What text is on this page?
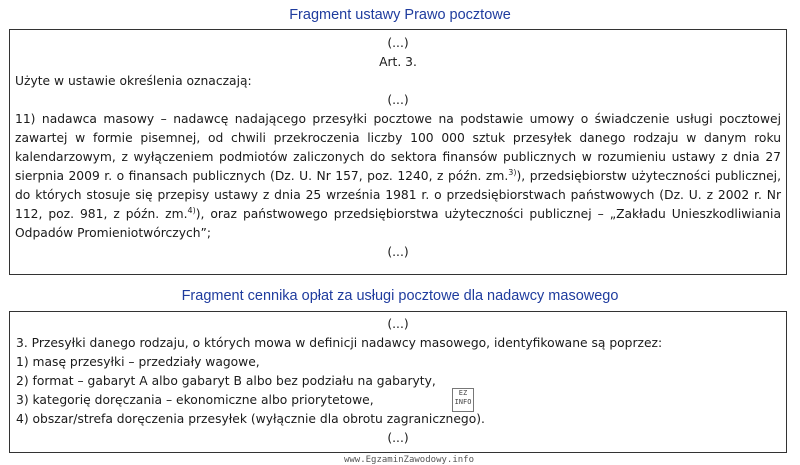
Fragment ustawy Prawo pocztowe
(...)
Art. 3.
Użyte w ustawie określenia oznaczają:
(...)
11) nadawca masowy – nadawcę nadającego przesyłki pocztowe na podstawie umowy o świadczenie usługi pocztowej zawartej w formie pisemnej, od chwili przekroczenia liczby 100 000 sztuk przesyłek danego rodzaju w danym roku kalendarzowym, z wyłączeniem podmiotów zaliczonych do sektora finansów publicznych w rozumieniu ustawy z dnia 27 sierpnia 2009 r. o finansach publicznych (Dz. U. Nr 157, poz. 1240, z późn. zm.$^{3)}$), przedsiębiorstw użyteczności publicznej, do których stosuje się przepisy ustawy z dnia 25 września 1981 r. o przedsiębiorstwach państwowych (Dz. U. z 2002 r. Nr 112, poz. 981, z późn. zm.$^{4)}$), oraz państwowego przedsiębiorstwa użyteczności publicznej – „Zakładu Unieszkodliwiania Odpadów Promieniotwórczych”;
(...)
Fragment cennika opłat za usługi pocztowe dla nadawcy masowego
(...)
3. Przesyłki danego rodzaju, o których mowa w definicji nadawcy masowego, identyfikowane są poprzez:
1) masę przesyłki – przedziały wagowe,
2) format – gabaryt A albo gabaryt B albo bez podziału na gabaryty,
3) kategorię doręczania – ekonomiczne albo priorytetowe,
4) obszar/strefa doręczenia przesyłek (wyłącznie dla obrotu zagranicznego).
(...)
EZ INFO
www.EgzaminZawodowy.info
